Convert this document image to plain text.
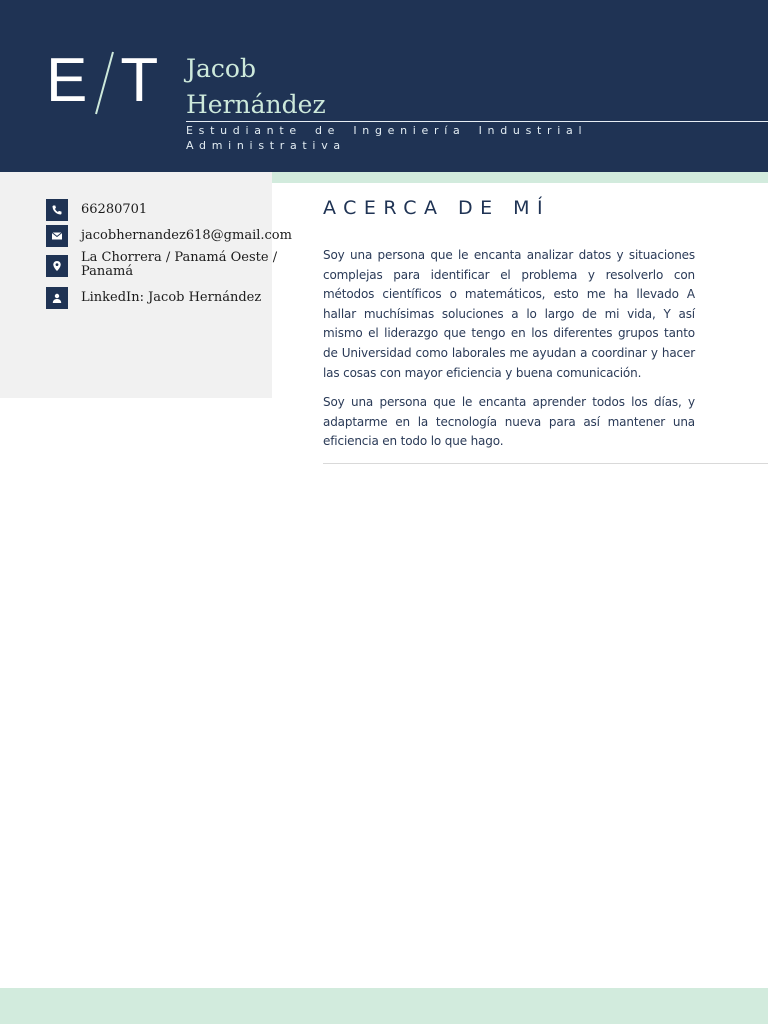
E T Jacob
Hernández
Estudiante de Ingeniería Industrial Administrativa
66280701
jacobhernandez618@gmail.com
La Chorrera / Panamá Oeste / Panamá
LinkedIn: Jacob Hernández
ACERCA DE MÍ

Soy una persona que le encanta analizar datos y situaciones complejas para identificar el problema y resolverlo con métodos científicos o matemáticos, esto me ha llevado A hallar muchísimas soluciones a lo largo de mi vida, Y así mismo el liderazgo que tengo en los diferentes grupos tanto de Universidad como laborales me ayudan a coordinar y hacer las cosas con mayor eficiencia y buena comunicación.

Soy una persona que le encanta aprender todos los días, y adaptarme en la tecnología nueva para así mantener una eficiencia en todo lo que hago.
